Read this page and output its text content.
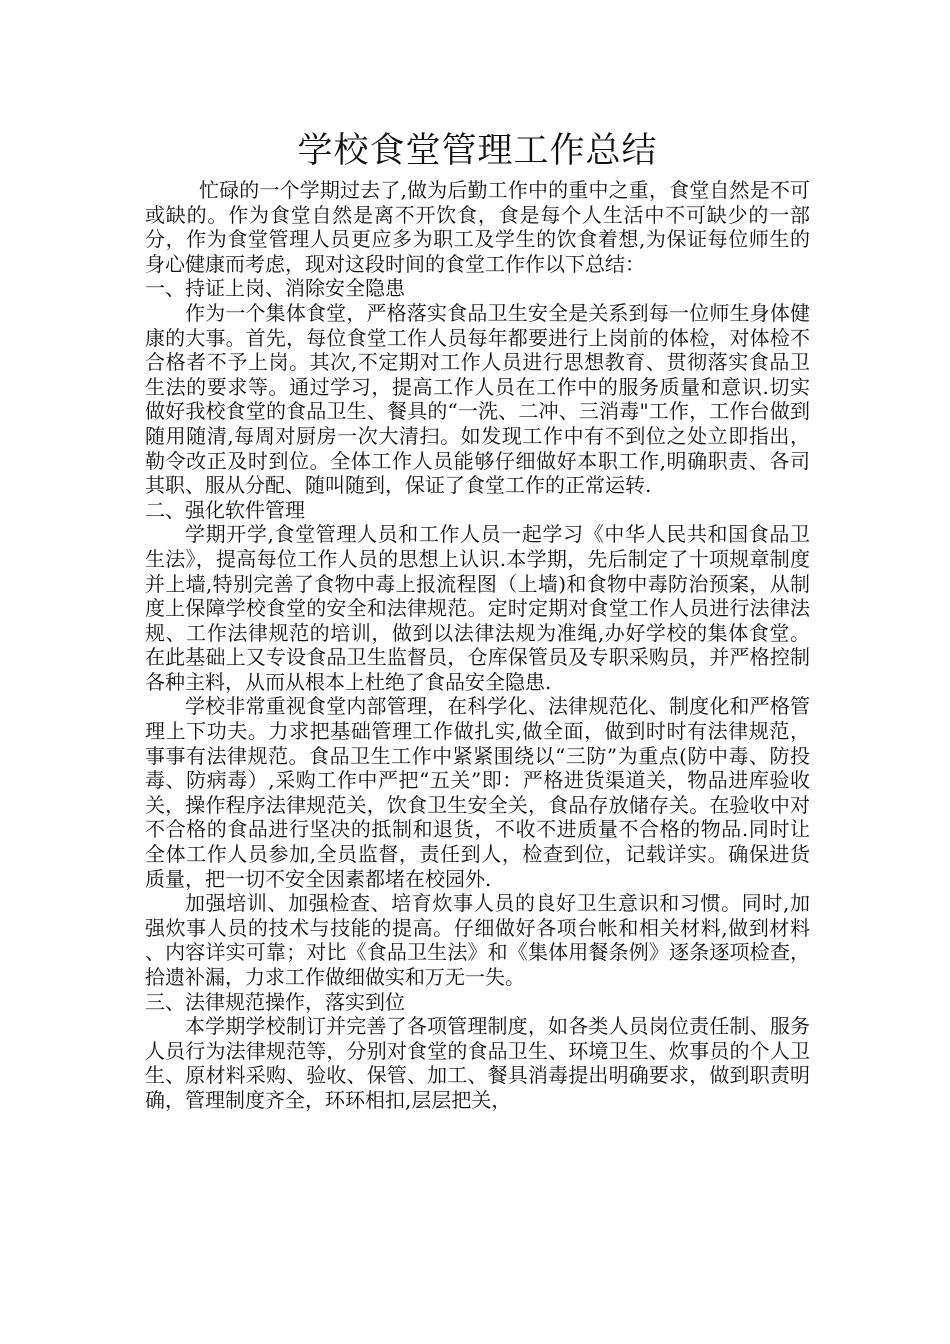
学校食堂管理工作总结

忙碌的一个学期过去了,做为后勤工作中的重中之重，食堂自然是不可或缺的。作为食堂自然是离不开饮食，食是每个人生活中不可缺少的一部分，作为食堂管理人员更应多为职工及学生的饮食着想,为保证每位师生的身心健康而考虑，现对这段时间的食堂工作作以下总结：

一、持证上岗、消除安全隐患

作为一个集体食堂，严格落实食品卫生安全是关系到每一位师生身体健康的大事。首先，每位食堂工作人员每年都要进行上岗前的体检，对体检不合格者不予上岗。其次,不定期对工作人员进行思想教育、贯彻落实食品卫生法的要求等。通过学习，提高工作人员在工作中的服务质量和意识.切实做好我校食堂的食品卫生、餐具的“一洗、二冲、三消毒"工作，工作台做到随用随清,每周对厨房一次大清扫。如发现工作中有不到位之处立即指出，勒令改正及时到位。全体工作人员能够仔细做好本职工作,明确职责、各司其职、服从分配、随叫随到，保证了食堂工作的正常运转.

二、强化软件管理

学期开学,食堂管理人员和工作人员一起学习《中华人民共和国食品卫生法》，提高每位工作人员的思想上认识.本学期，先后制定了十项规章制度并上墙,特别完善了食物中毒上报流程图（上墙)和食物中毒防治预案，从制度上保障学校食堂的安全和法律规范。定时定期对食堂工作人员进行法律法规、工作法律规范的培训，做到以法律法规为准绳,办好学校的集体食堂。在此基础上又专设食品卫生监督员，仓库保管员及专职采购员，并严格控制各种主料，从而从根本上杜绝了食品安全隐患.

学校非常重视食堂内部管理，在科学化、法律规范化、制度化和严格管理上下功夫。力求把基础管理工作做扎实,做全面，做到时时有法律规范，事事有法律规范。食品卫生工作中紧紧围绕以“三防”为重点(防中毒、防投毒、防病毒）,采购工作中严把“五关”即：严格进货渠道关，物品进库验收关，操作程序法律规范关，饮食卫生安全关，食品存放储存关。在验收中对不合格的食品进行坚决的抵制和退货，不收不进质量不合格的物品.同时让全体工作人员参加,全员监督，责任到人，检查到位，记载详实。确保进货质量，把一切不安全因素都堵在校园外.

加强培训、加强检查、培育炊事人员的良好卫生意识和习惯。同时,加强炊事人员的技术与技能的提高。仔细做好各项台帐和相关材料,做到材料 、内容详实可靠；对比《食品卫生法》和《集体用餐条例》逐条逐项检查，拾遗补漏，力求工作做细做实和万无一失。

三、法律规范操作，落实到位

本学期学校制订并完善了各项管理制度，如各类人员岗位责任制、服务人员行为法律规范等，分别对食堂的食品卫生、环境卫生、炊事员的个人卫生、原材料采购、验收、保管、加工、餐具消毒提出明确要求，做到职责明确，管理制度齐全，环环相扣,层层把关，
